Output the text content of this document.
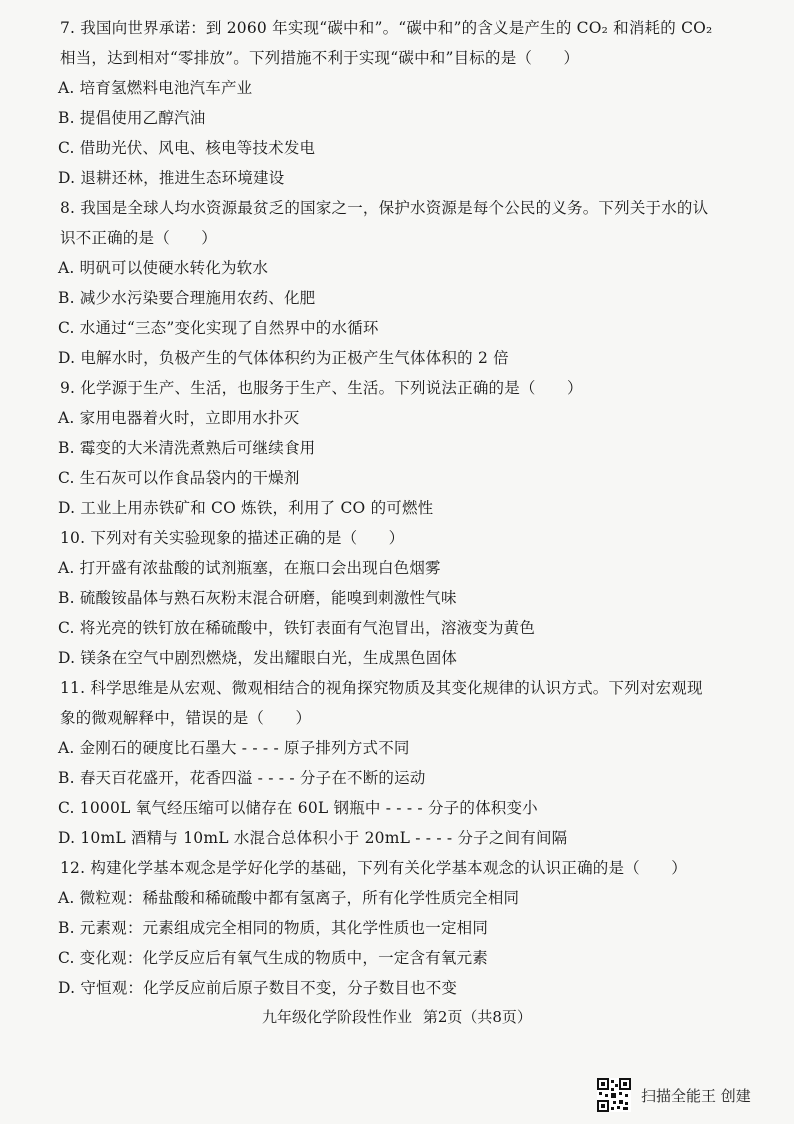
7. 我国向世界承诺：到 2060 年实现“碳中和”。“碳中和”的含义是产生的 CO₂ 和消耗的 CO₂
相当，达到相对“零排放”。下列措施不利于实现“碳中和”目标的是（　　）
A. 培育氢燃料电池汽车产业
B. 提倡使用乙醇汽油
C. 借助光伏、风电、核电等技术发电
D. 退耕还林，推进生态环境建设
8. 我国是全球人均水资源最贫乏的国家之一，保护水资源是每个公民的义务。下列关于水的认
识不正确的是（　　）
A. 明矾可以使硬水转化为软水
B. 减少水污染要合理施用农药、化肥
C. 水通过“三态”变化实现了自然界中的水循环
D. 电解水时，负极产生的气体体积约为正极产生气体体积的 2 倍
9. 化学源于生产、生活，也服务于生产、生活。下列说法正确的是（　　）
A. 家用电器着火时，立即用水扑灭
B. 霉变的大米清洗煮熟后可继续食用
C. 生石灰可以作食品袋内的干燥剂
D. 工业上用赤铁矿和 CO 炼铁，利用了 CO 的可燃性
10. 下列对有关实验现象的描述正确的是（　　）
A. 打开盛有浓盐酸的试剂瓶塞，在瓶口会出现白色烟雾
B. 硫酸铵晶体与熟石灰粉末混合研磨，能嗅到刺激性气味
C. 将光亮的铁钉放在稀硫酸中，铁钉表面有气泡冒出，溶液变为黄色
D. 镁条在空气中剧烈燃烧，发出耀眼白光，生成黑色固体
11. 科学思维是从宏观、微观相结合的视角探究物质及其变化规律的认识方式。下列对宏观现
象的微观解释中，错误的是（　　）
A. 金刚石的硬度比石墨大 - - - - 原子排列方式不同
B. 春天百花盛开，花香四溢 - - - - 分子在不断的运动
C. 1000L 氧气经压缩可以储存在 60L 钢瓶中 - - - - 分子的体积变小
D. 10mL 酒精与 10mL 水混合总体积小于 20mL - - - - 分子之间有间隔
12. 构建化学基本观念是学好化学的基础，下列有关化学基本观念的认识正确的是（　　）
A. 微粒观：稀盐酸和稀硫酸中都有氢离子，所有化学性质完全相同
B. 元素观：元素组成完全相同的物质，其化学性质也一定相同
C. 变化观：化学反应后有氧气生成的物质中，一定含有氧元素
D. 守恒观：化学反应前后原子数目不变，分子数目也不变
九年级化学阶段性作业 第2页（共8页）
扫描全能王 创建
